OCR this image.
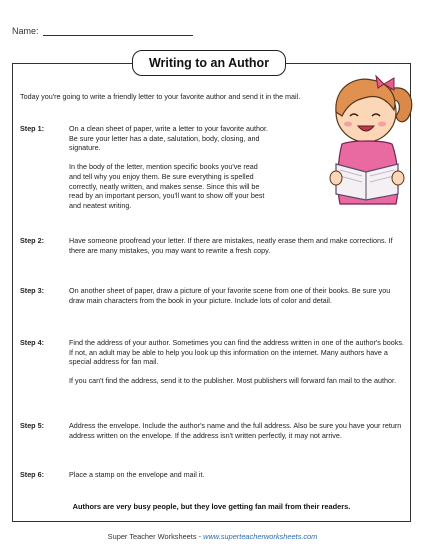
Name:
Writing to an Author
Today you're going to write a friendly letter to your favorite author and send it in the mail.
Step 1:	On a clean sheet of paper, write a letter to your favorite author. Be sure your letter has a date, salutation, body, closing, and signature.

In the body of the letter, mention specific books you've read and tell why you enjoy them. Be sure everything is spelled correctly, neatly written, and makes sense. Since this will be read by an important person, you'll want to show off your best and neatest writing.

Step 2:	Have someone proofread your letter. If there are mistakes, neatly erase them and make corrections. If there are many mistakes, you may want to rewrite a fresh copy.

Step 3:	On another sheet of paper, draw a picture of your favorite scene from one of their books. Be sure you draw main characters from the book in your picture. Include lots of color and detail.

Step 4:	Find the address of your author. Sometimes you can find the address written in one of the author's books. If not, an adult may be able to help you look up this information on the internet. Many authors have a special address for fan mail.

If you can't find the address, send it to the publisher. Most publishers will forward fan mail to the author.

Step 5:	Address the envelope. Include the author's name and the full address. Also be sure you have your return address written on the envelope. If the address isn't written perfectly, it may not arrive.

Step 6:	Place a stamp on the envelope and mail it.

Authors are very busy people, but they love getting fan mail from their readers.
Super Teacher Worksheets - www.superteacherworksheets.com
